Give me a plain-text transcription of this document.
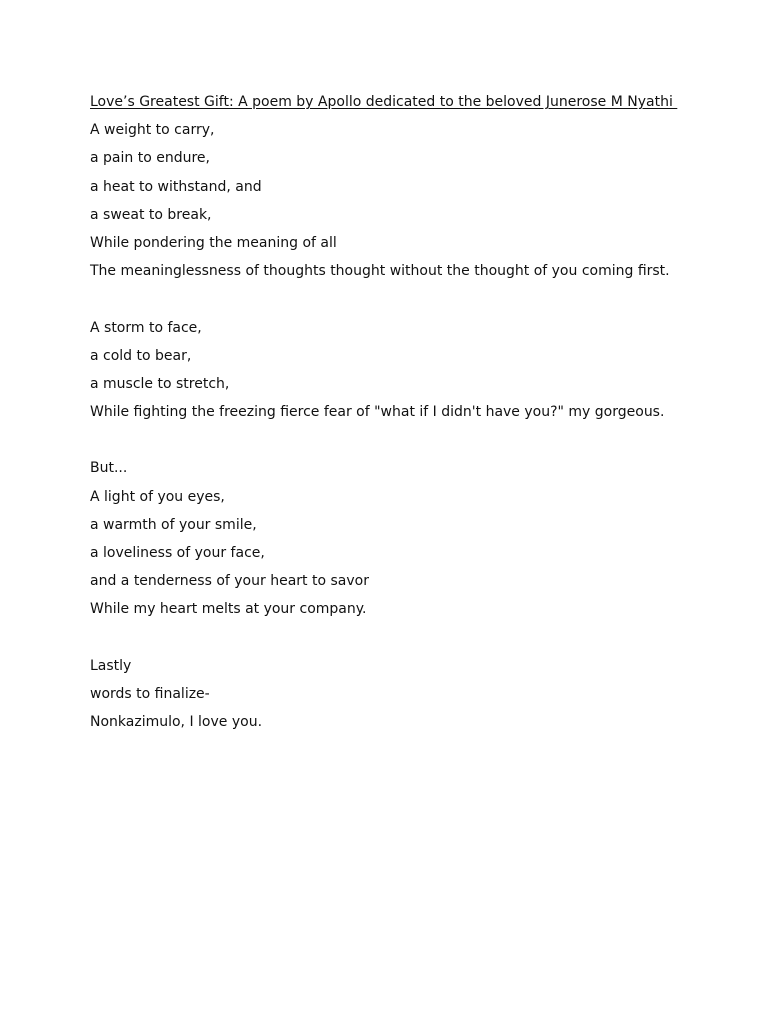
Love’s Greatest Gift: A poem by Apollo dedicated to the beloved Junerose M Nyathi
A weight to carry,
a pain to endure,
a heat to withstand, and
a sweat to break,
While pondering the meaning of all
The meaninglessness of thoughts thought without the thought of you coming first.
A storm to face,
a cold to bear,
a muscle to stretch,
While fighting the freezing fierce fear of "what if I didn't have you?" my gorgeous.
But...
A light of you eyes,
a warmth of your smile,
a loveliness of your face,
and a tenderness of your heart to savor
While my heart melts at your company.
Lastly
words to finalize-
Nonkazimulo, I love you.
